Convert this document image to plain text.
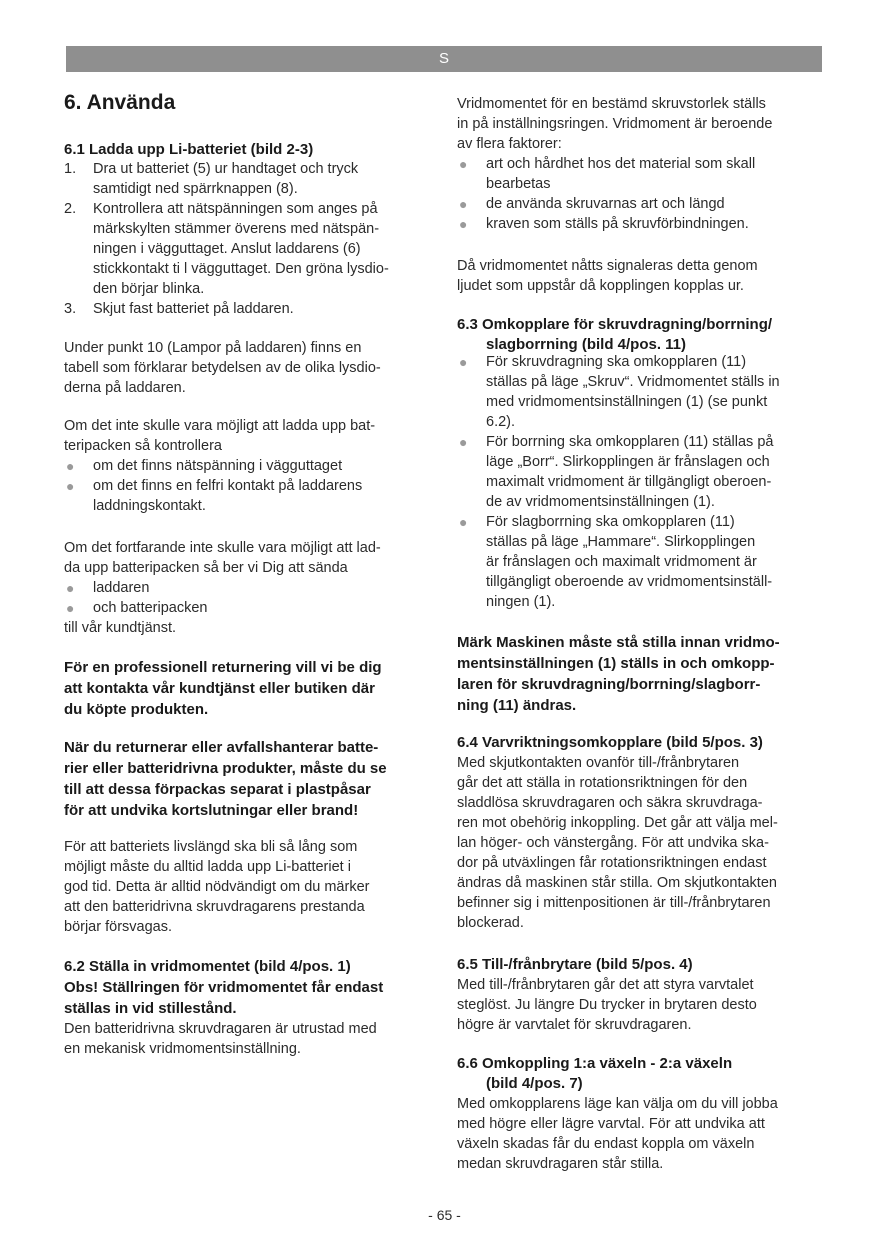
S
6. Använda
6.1 Ladda upp Li-batteriet (bild 2-3)
1. Dra ut batteriet (5) ur handtaget och tryck
samtidigt ned spärrknappen (8).
2. Kontrollera att nätspänningen som anges på
märkskylten stämmer överens med nätspän-
ningen i vägguttaget. Anslut laddarens (6)
stickkontakt ti l vägguttaget. Den gröna lysdio-
den börjar blinka.
3. Skjut fast batteriet på laddaren.
Under punkt 10 (Lampor på laddaren) finns en
tabell som förklarar betydelsen av de olika lysdio-
derna på laddaren.
Om det inte skulle vara möjligt att ladda upp bat-
teripacken så kontrollera
● om det finns nätspänning i vägguttaget
● om det finns en felfri kontakt på laddarens
laddningskontakt.
Om det fortfarande inte skulle vara möjligt att lad-
da upp batteripacken så ber vi Dig att sända
● laddaren
● och batteripacken
till vår kundtjänst.
För en professionell returnering vill vi be dig
att kontakta vår kundtjänst eller butiken där
du köpte produkten.
När du returnerar eller avfallshanterar batte-
rier eller batteridrivna produkter, måste du se
till att dessa förpackas separat i plastpåsar
för att undvika kortslutningar eller brand!
För att batteriets livslängd ska bli så lång som
möjligt måste du alltid ladda upp Li-batteriet i
god tid. Detta är alltid nödvändigt om du märker
att den batteridrivna skruvdragarens prestanda
börjar försvagas.
6.2 Ställa in vridmomentet (bild 4/pos. 1)
Obs! Ställringen för vridmomentet får endast
ställas in vid stillestånd.
Den batteridrivna skruvdragaren är utrustad med
en mekanisk vridmomentsinställning.
Vridmomentet för en bestämd skruvstorlek ställs
in på inställningsringen. Vridmoment är beroende
av flera faktorer:
● art och hårdhet hos det material som skall
bearbetas
● de använda skruvarnas art och längd
● kraven som ställs på skruvförbindningen.
Då vridmomentet nåtts signaleras detta genom
ljudet som uppstår då kopplingen kopplas ur.
6.3 Omkopplare för skruvdragning/borrning/
slagborrning (bild 4/pos. 11)
● För skruvdragning ska omkopplaren (11)
ställas på läge „Skruv“. Vridmomentet ställs in
med vridmomentsinställningen (1) (se punkt
6.2).
● För borrning ska omkopplaren (11) ställas på
läge „Borr“. Slirkopplingen är frånslagen och
maximalt vridmoment är tillgängligt oberoen-
de av vridmomentsinställningen (1).
● För slagborrning ska omkopplaren (11)
ställas på läge „Hammare“. Slirkopplingen
är frånslagen och maximalt vridmoment är
tillgängligt oberoende av vridmomentsinställ-
ningen (1).
Märk Maskinen måste stå stilla innan vridmo-
mentsinställningen (1) ställs in och omkopp-
laren för skruvdragning/borrning/slagborr-
ning (11) ändras.
6.4 Varvriktningsomkopplare (bild 5/pos. 3)
Med skjutkontakten ovanför till-/frånbrytaren
går det att ställa in rotationsriktningen för den
sladdlösa skruvdragaren och säkra skruvdraga-
ren mot obehörig inkoppling. Det går att välja mel-
lan höger- och vänstergång. För att undvika ska-
dor på utväxlingen får rotationsriktningen endast
ändras då maskinen står stilla. Om skjutkontakten
befinner sig i mittenpositionen är till-/frånbrytaren
blockerad.
6.5 Till-/frånbrytare (bild 5/pos. 4)
Med till-/frånbrytaren går det att styra varvtalet
steglöst. Ju längre Du trycker in brytaren desto
högre är varvtalet för skruvdragaren.
6.6 Omkoppling 1:a växeln - 2:a växeln
(bild 4/pos. 7)
Med omkopplarens läge kan välja om du vill jobba
med högre eller lägre varvtal. För att undvika att
växeln skadas får du endast koppla om växeln
medan skruvdragaren står stilla.
- 65 -
